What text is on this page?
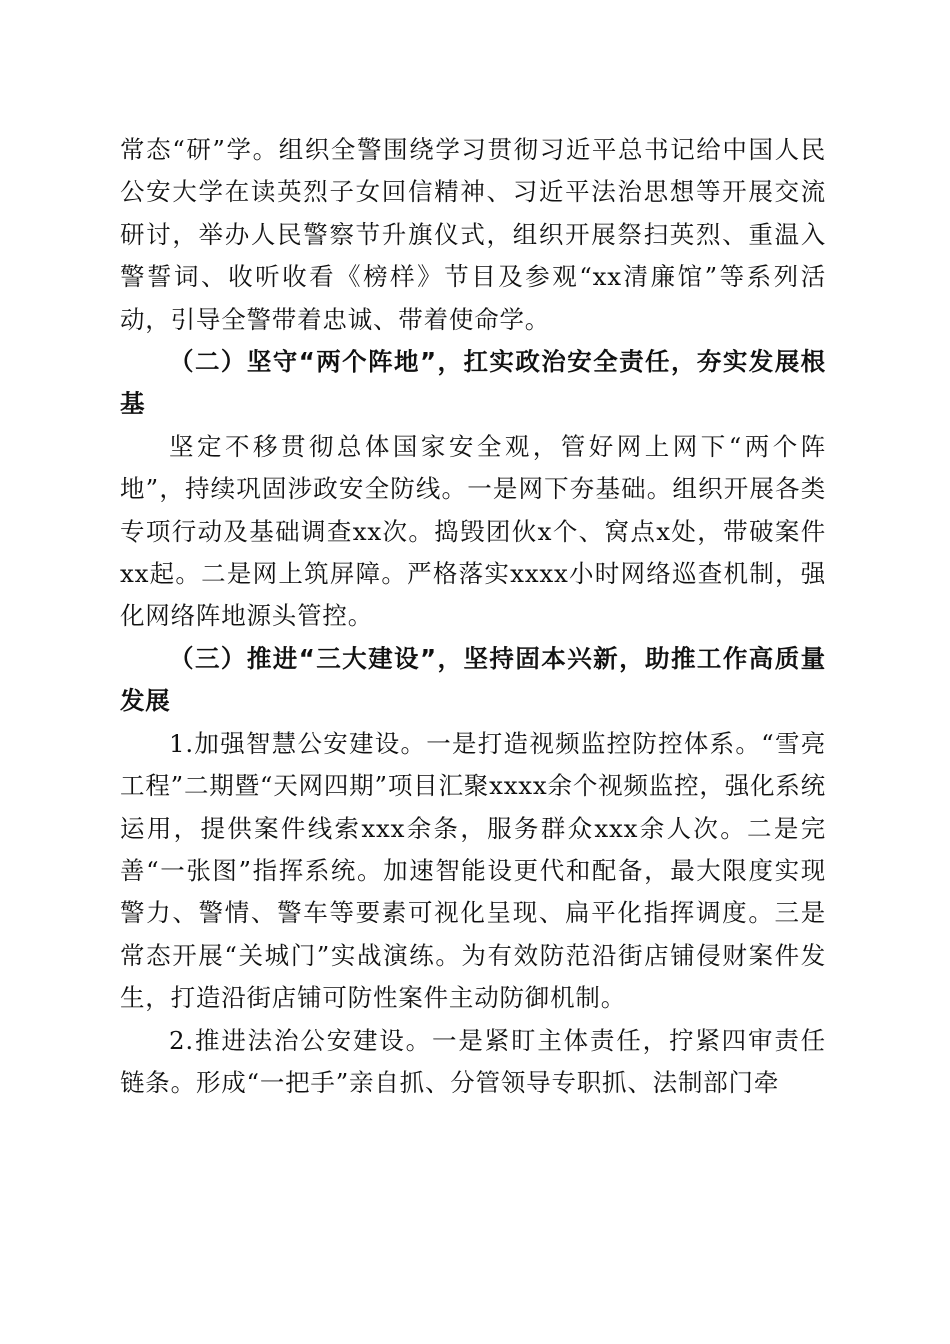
常态“研”学。组织全警围绕学习贯彻习近平总书记给中国人民公安大学在读英烈子女回信精神、习近平法治思想等开展交流研讨，举办人民警察节升旗仪式，组织开展祭扫英烈、重温入警誓词、收听收看《榜样》节目及参观“xx清廉馆”等系列活动，引导全警带着忠诚、带着使命学。

（二）坚守“两个阵地”，扛实政治安全责任，夯实发展根基

坚定不移贯彻总体国家安全观，管好网上网下“两个阵地”，持续巩固涉政安全防线。一是网下夯基础。组织开展各类专项行动及基础调查xx次。捣毁团伙x个、窝点x处，带破案件xx起。二是网上筑屏障。严格落实xxxx小时网络巡查机制，强化网络阵地源头管控。

（三）推进“三大建设”，坚持固本兴新，助推工作高质量发展

1.加强智慧公安建设。一是打造视频监控防控体系。“雪亮工程”二期暨“天网四期”项目汇聚xxxx余个视频监控，强化系统运用，提供案件线索xxx余条，服务群众xxx余人次。二是完善“一张图”指挥系统。加速智能设更代和配备，最大限度实现警力、警情、警车等要素可视化呈现、扁平化指挥调度。三是常态开展“关城门”实战演练。为有效防范沿街店铺侵财案件发生，打造沿街店铺可防性案件主动防御机制。

2.推进法治公安建设。一是紧盯主体责任，拧紧四审责任链条。形成“一把手”亲自抓、分管领导专职抓、法制部门牵
